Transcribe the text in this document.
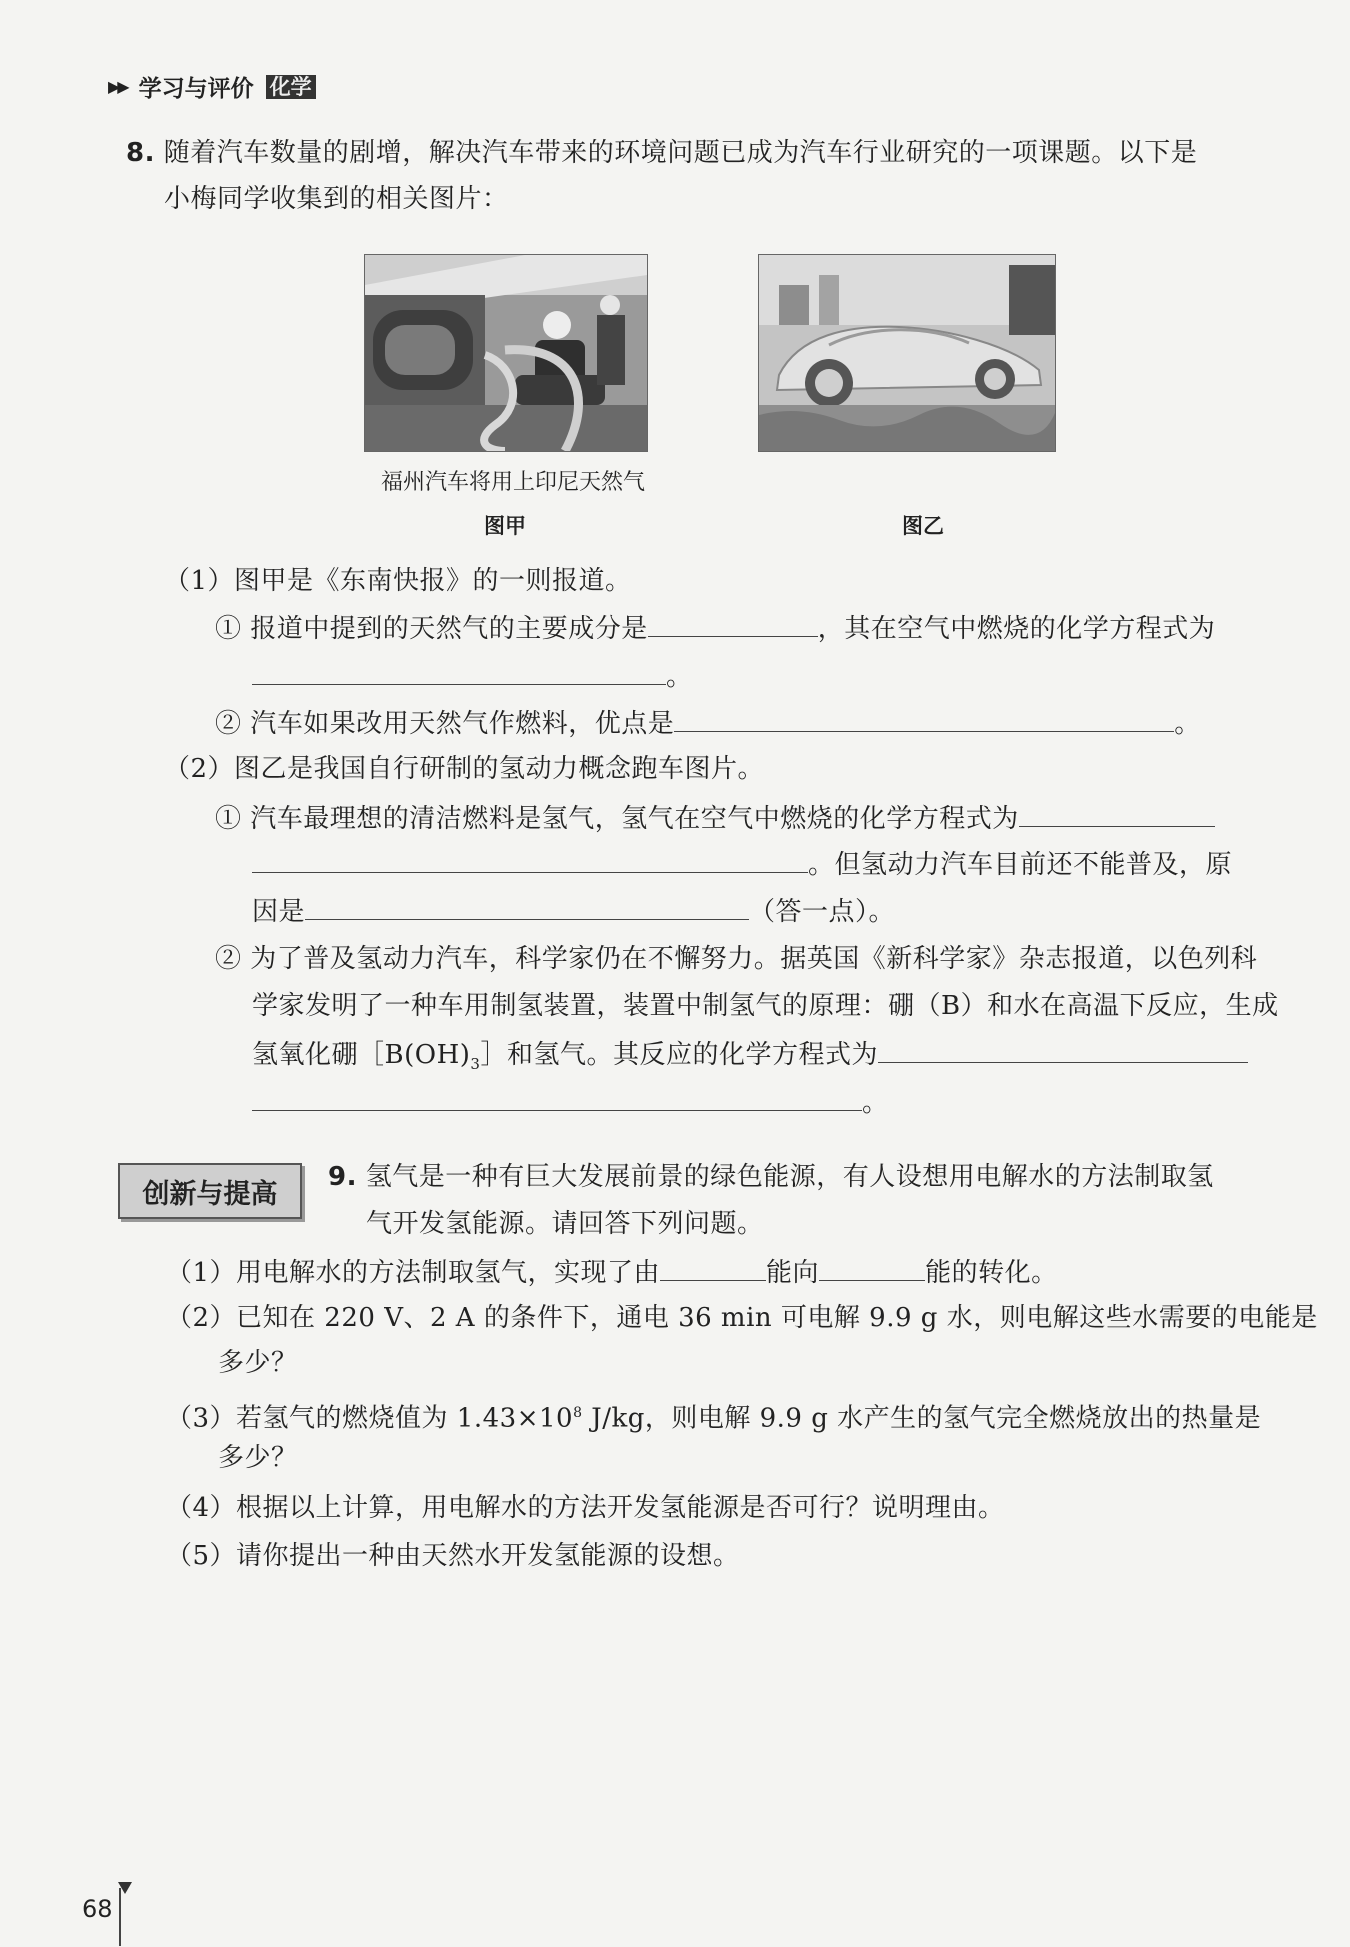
▶▶ 学习与评价 化学
8. 随着汽车数量的剧增，解决汽车带来的环境问题已成为汽车行业研究的一项课题。以下是
小梅同学收集到的相关图片：
福州汽车将用上印尼天然气
图甲	图乙
（1）图甲是《东南快报》的一则报道。
① 报道中提到的天然气的主要成分是	，其在空气中燃烧的化学方程式为
。
② 汽车如果改用天然气作燃料，优点是	。
（2）图乙是我国自行研制的氢动力概念跑车图片。
① 汽车最理想的清洁燃料是氢气，氢气在空气中燃烧的化学方程式为
。但氢动力汽车目前还不能普及，原
因是	（答一点）。
② 为了普及氢动力汽车，科学家仍在不懈努力。据英国《新科学家》杂志报道，以色列科
学家发明了一种车用制氢装置，装置中制氢气的原理：硼（B）和水在高温下反应，生成
氢氧化硼$[B(OH)_3]$和氢气。其反应的化学方程式为
。
创新与提高
9. 氢气是一种有巨大发展前景的绿色能源，有人设想用电解水的方法制取氢
气开发氢能源。请回答下列问题。
（1）用电解水的方法制取氢气，实现了由	能向	能的转化。
（2）已知在 220 V、2 A 的条件下，通电 36 min 可电解 9.9 g 水，则电解这些水需要的电能是
多少？
（3）若氢气的燃烧值为 $1.43\times 10^8$ J/kg，则电解 9.9 g 水产生的氢气完全燃烧放出的热量是
多少？
（4）根据以上计算，用电解水的方法开发氢能源是否可行？说明理由。
（5）请你提出一种由天然水开发氢能源的设想。
68
